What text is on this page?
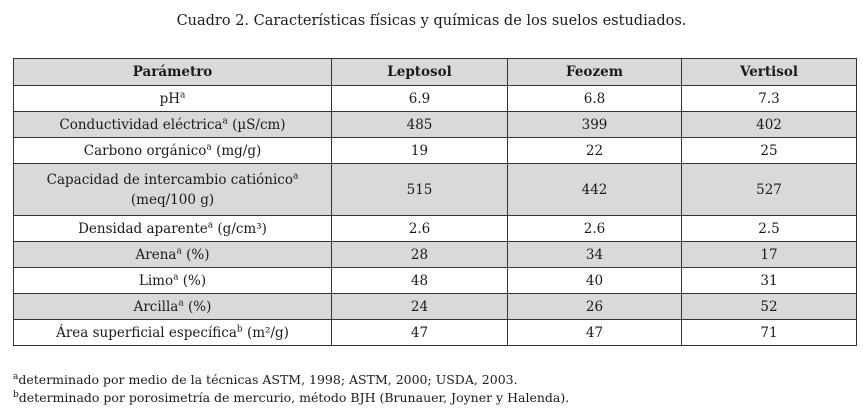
Cuadro 2. Características físicas y químicas de los suelos estudiados.
Parámetro	Leptosol	Feozem	Vertisol
$pH^a$	6.9	6.8	7.3
Conductividad eléctrica$^a$ (µS/cm)	485	399	402
Carbono orgánico$^a$ (mg/g)	19	22	25
Capacidad de intercambio catiónico$^a$
(meq/100 g)	515	442	527
Densidad aparente$^a$ (g/cm³)	2.6	2.6	2.5
Arena$^a$ (%)	28	34	17
Limo$^a$ (%)	48	40	31
Arcilla$^a$ (%)	24	26	52
Área superficial específica$^b$ (m²/g)	47	47	71
$^a$determinado por medio de la técnicas ASTM, 1998; ASTM, 2000; USDA, 2003.
$^b$determinado por porosimetría de mercurio, método BJH (Brunauer, Joyner y Halenda).
